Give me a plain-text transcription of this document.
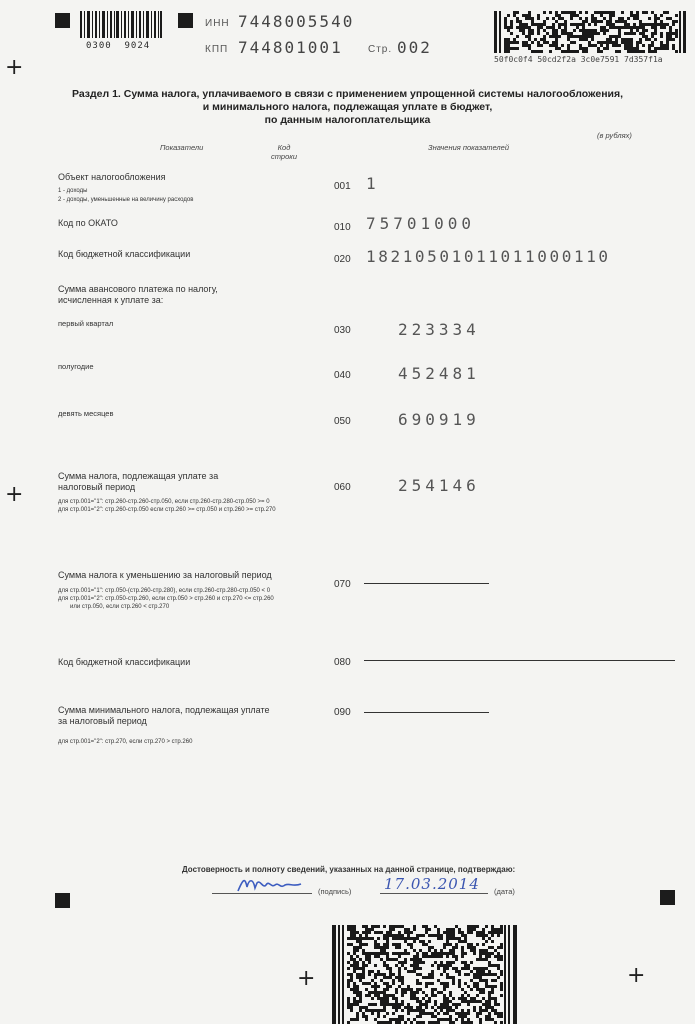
+
+
+	+
0300  9024
ИНН 7448005540
КПП 744801001	Стр. 002
50f0c0f4 50cd2f2a 3c0e7591 7d357f1a
Раздел 1. Сумма налога, уплачиваемого в связи с применением упрощенной системы налогообложения,
и минимального налога, подлежащая уплате в бюджет,
по данным налогоплательщика
(в рублях)
Показатели	Код
строки
Значения показателей
Объект налогообложения
1 - доходы
2 - доходы, уменьшенные на величину расходов
001 1
Код по ОКАТО	010 75701000
Код бюджетной классификации	020 18210501011011000110
Сумма авансового платежа по налогу,
исчисленная к уплате за:
первый квартал
030	223334
полугодие
040	452481
девять месяцев
050	690919
Сумма налога, подлежащая уплате за
налоговый период
для стр.001="1": стр.260-стр.260-стр.050, если стр.260-стр.280-стр.050 >= 0
для стр.001="2": стр.260-стр.050 если стр.260 >= стр.050 и стр.260 >= стр.270
060	254146
Сумма налога к уменьшению за налоговый период
для стр.001="1": стр.050-(стр.260-стр.280), если стр.260-стр.280-стр.050 < 0
для стр.001="2": стр.050-стр.260, если стр.050 > стр.260 и стр.270 <= стр.260
или стр.050, если стр.260 < стр.270
070
Код бюджетной классификации	080
Сумма минимального налога, подлежащая уплате
за налоговый период
для стр.001="2": стр.270, если стр.270 > стр.260
090
Достоверность и полноту сведений, указанных на данной странице, подтверждаю:
(подпись) 17.03.2014 (дата)
